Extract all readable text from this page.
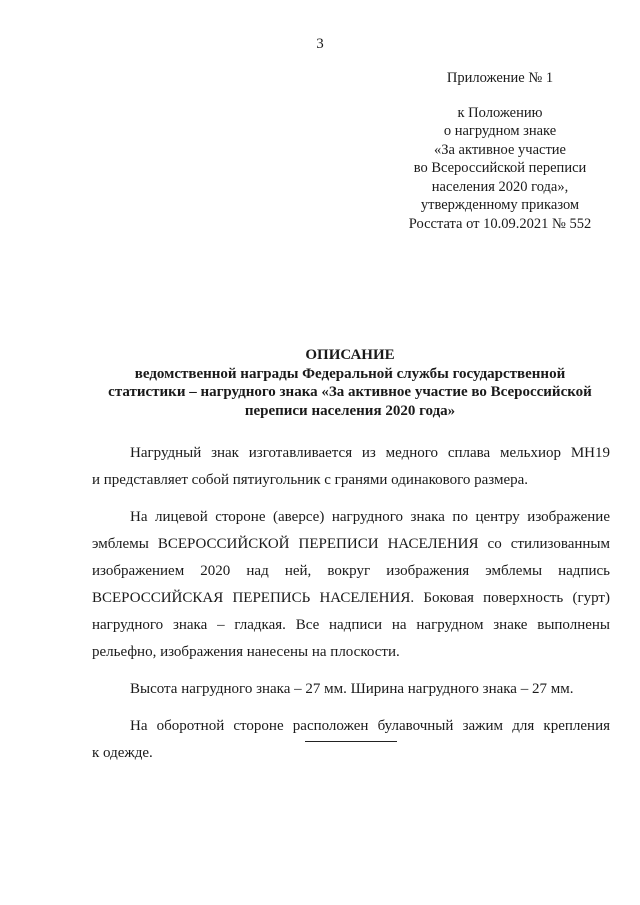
3
Приложение № 1
к Положению
о нагрудном знаке
«За активное участие
во Всероссийской переписи
населения 2020 года»,
утвержденному приказом
Росстата от 10.09.2021 № 552
ОПИСАНИЕ
ведомственной награды Федеральной службы государственной
статистики – нагрудного знака «За активное участие во Всероссийской
переписи населения 2020 года»

Нагрудный знак изготавливается из медного сплава мельхиор МН19
и представляет собой пятиугольник с гранями одинакового размера.

На лицевой стороне (аверсе) нагрудного знака по центру изображение
эмблемы ВСЕРОССИЙСКОЙ ПЕРЕПИСИ НАСЕЛЕНИЯ со стилизованным
изображением 2020 над ней, вокруг изображения эмблемы надпись
ВСЕРОССИЙСКАЯ ПЕРЕПИСЬ НАСЕЛЕНИЯ. Боковая поверхность (гурт)
нагрудного знака – гладкая. Все надписи на нагрудном знаке выполнены
рельефно, изображения нанесены на плоскости.

Высота нагрудного знака – 27 мм. Ширина нагрудного знака – 27 мм.

На оборотной стороне расположен булавочный зажим для крепления
к одежде.
